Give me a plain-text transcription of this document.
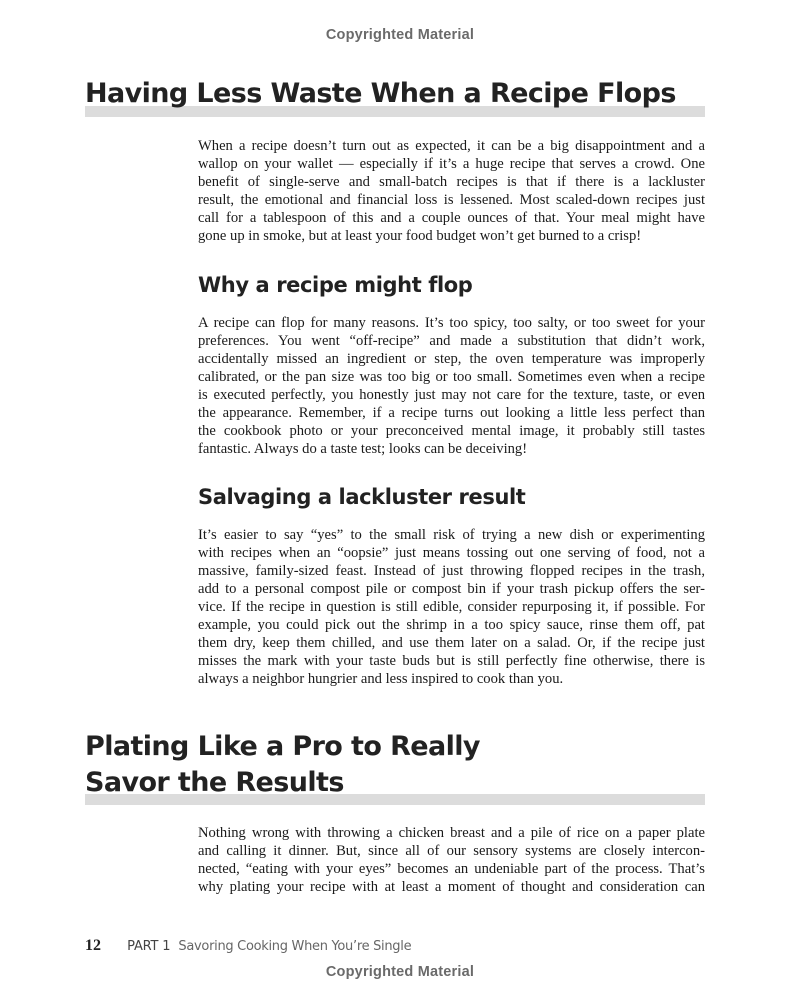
Copyrighted Material
Having Less Waste When a Recipe Flops
When a recipe doesn’t turn out as expected, it can be a big disappointment and a
wallop on your wallet — especially if it’s a huge recipe that serves a crowd. One
benefit of single-serve and small-batch recipes is that if there is a lackluster
result, the emotional and financial loss is lessened. Most scaled-down recipes just
call for a tablespoon of this and a couple ounces of that. Your meal might have
gone up in smoke, but at least your food budget won’t get burned to a crisp!
Why a recipe might flop
A recipe can flop for many reasons. It’s too spicy, too salty, or too sweet for your
preferences. You went “off-recipe” and made a substitution that didn’t work,
accidentally missed an ingredient or step, the oven temperature was improperly
calibrated, or the pan size was too big or too small. Sometimes even when a recipe
is executed perfectly, you honestly just may not care for the texture, taste, or even
the appearance. Remember, if a recipe turns out looking a little less perfect than
the cookbook photo or your preconceived mental image, it probably still tastes
fantastic. Always do a taste test; looks can be deceiving!
Salvaging a lackluster result
It’s easier to say “yes” to the small risk of trying a new dish or experimenting
with recipes when an “oopsie” just means tossing out one serving of food, not a
massive, family-sized feast. Instead of just throwing flopped recipes in the trash,
add to a personal compost pile or compost bin if your trash pickup offers the ser-
vice. If the recipe in question is still edible, consider repurposing it, if possible. For
example, you could pick out the shrimp in a too spicy sauce, rinse them off, pat
them dry, keep them chilled, and use them later on a salad. Or, if the recipe just
misses the mark with your taste buds but is still perfectly fine otherwise, there is
always a neighbor hungrier and less inspired to cook than you.
Plating Like a Pro to Really
Savor the Results
Nothing wrong with throwing a chicken breast and a pile of rice on a paper plate
and calling it dinner. But, since all of our sensory systems are closely intercon-
nected, “eating with your eyes” becomes an undeniable part of the process. That’s
why plating your recipe with at least a moment of thought and consideration can
12 PART 1 Savoring Cooking When You’re Single
Copyrighted Material
